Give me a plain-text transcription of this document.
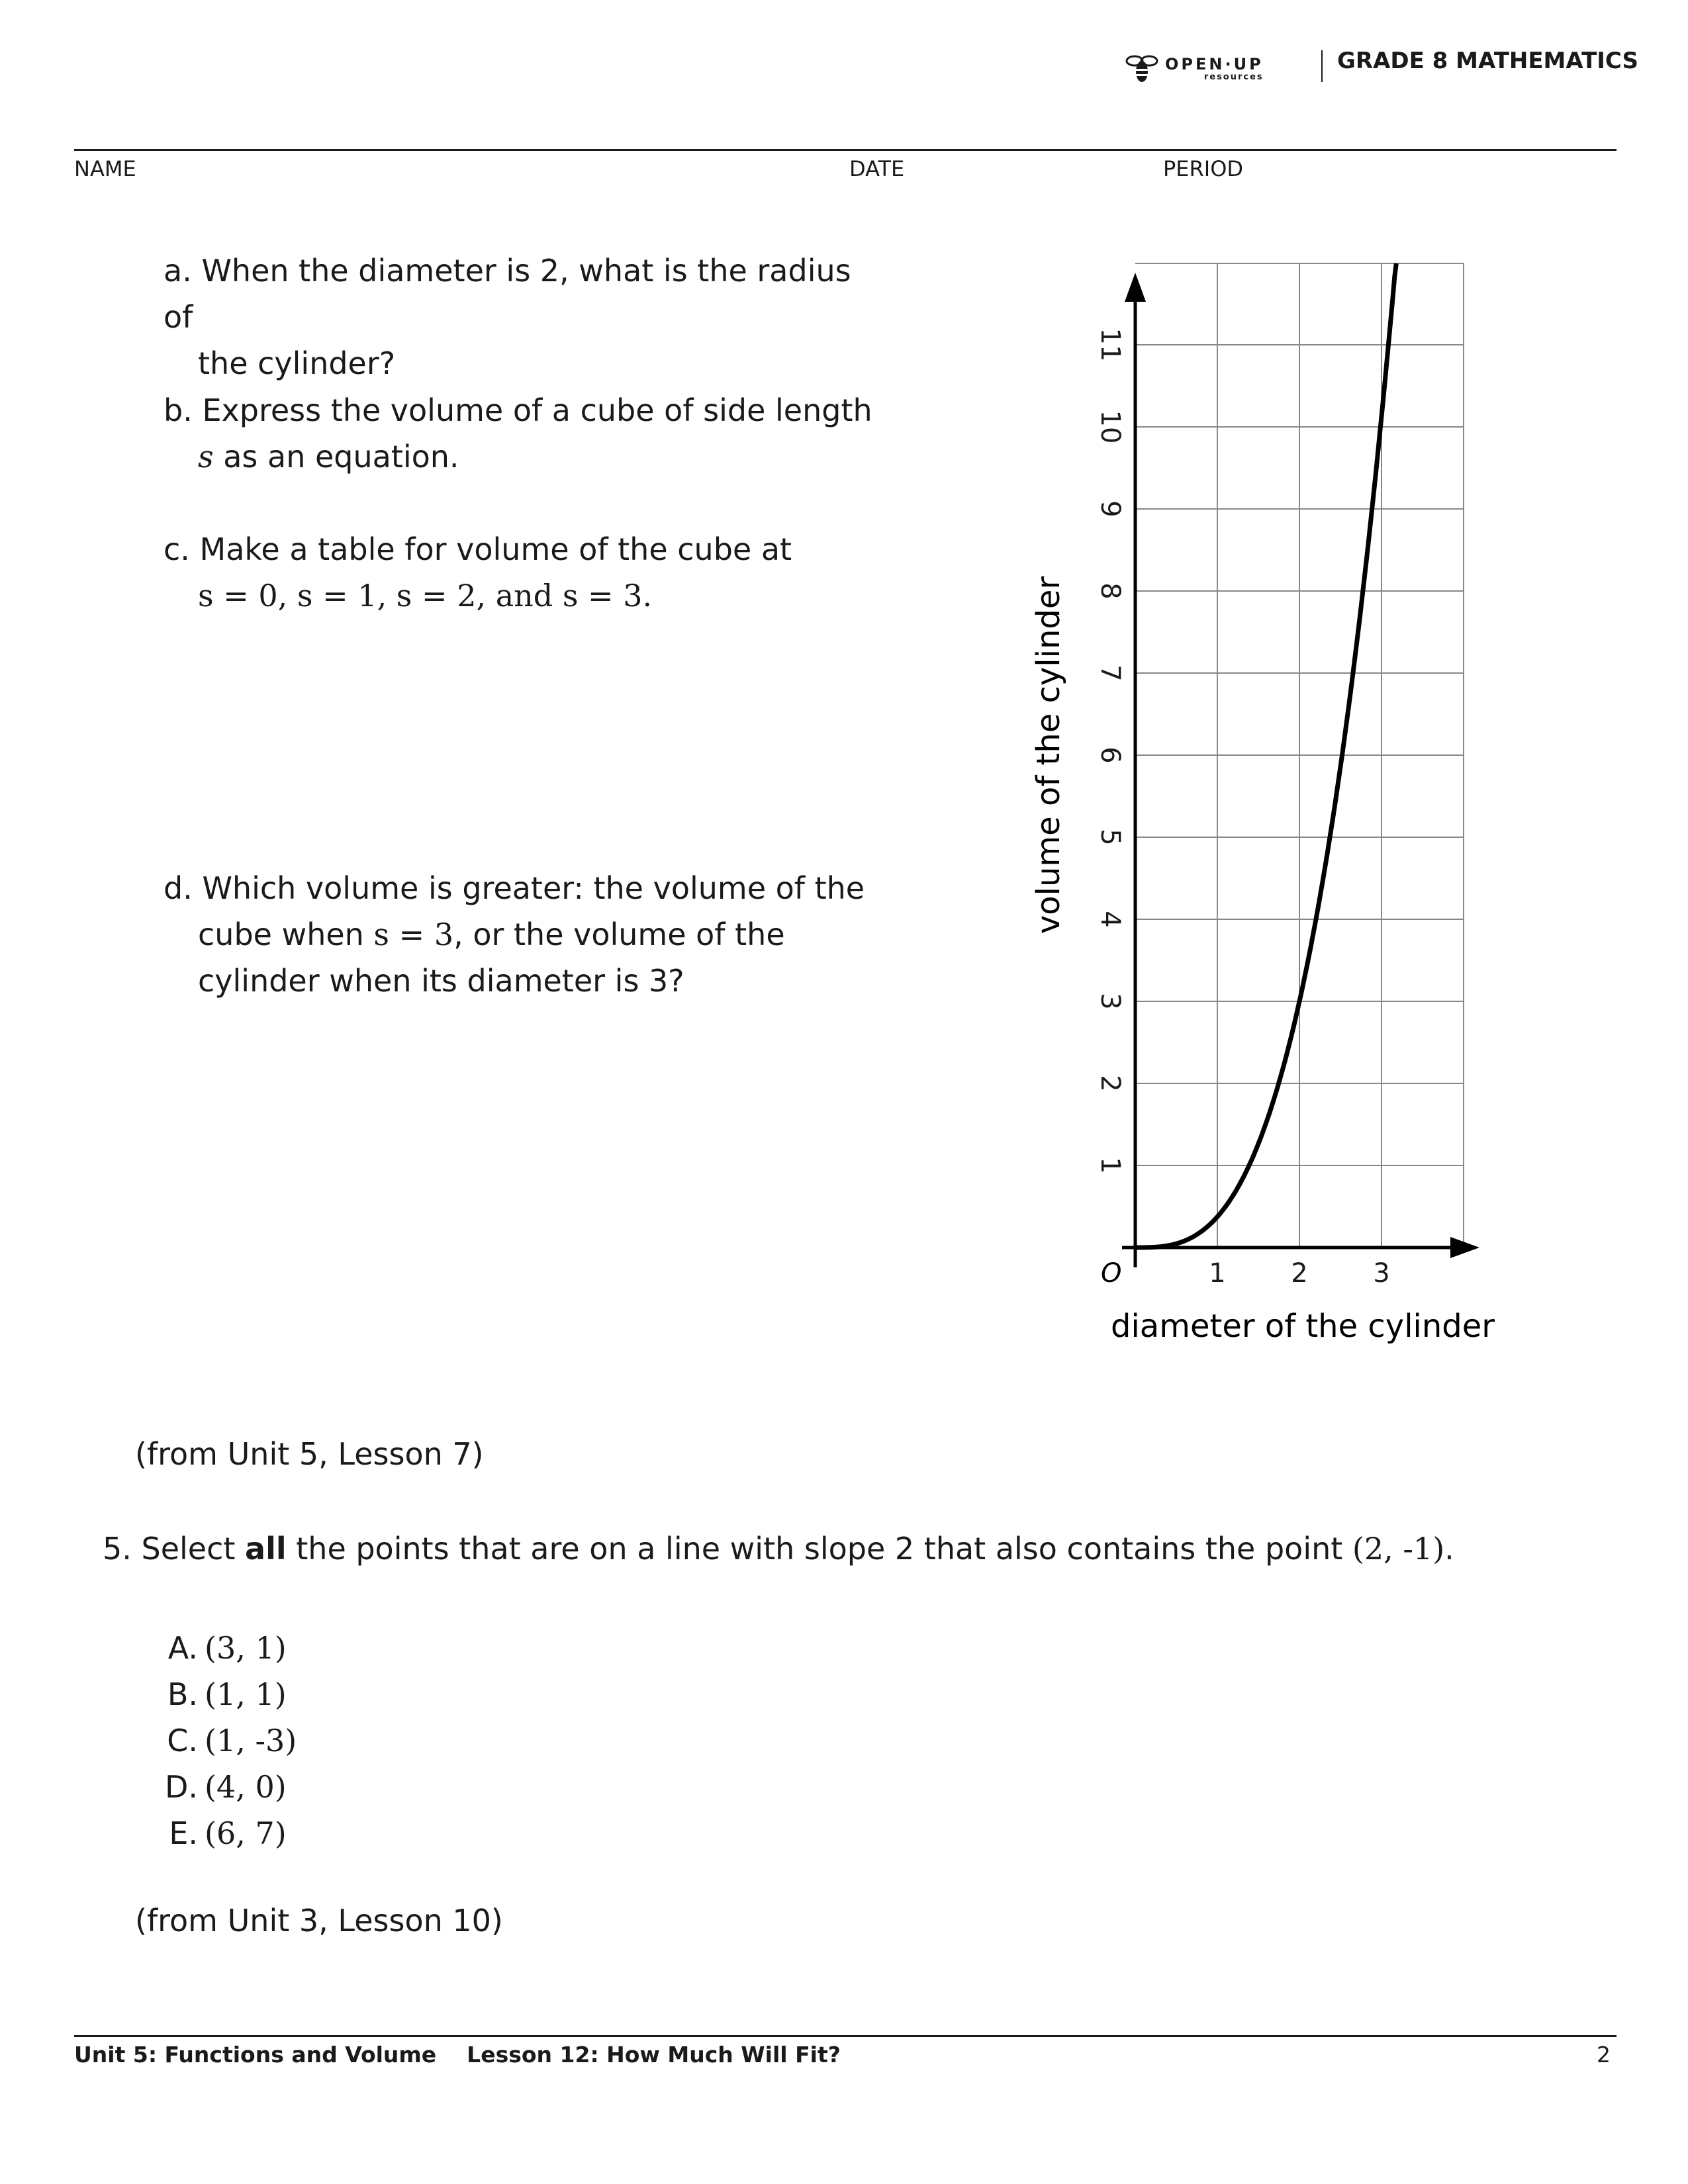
OPEN·UP
resources
GRADE 8 MATHEMATICS
NAME	DATE	PERIOD
a. When the diameter is 2, what is the radius of
the cylinder?
b. Express the volume of a cube of side length
s as an equation.
c. Make a table for volume of the cube at
s = 0, s = 1, s = 2, and s = 3.
d. Which volume is greater: the volume of the
cube when s = 3, or the volume of the
cylinder when its diameter is 3?
1
2
3
4
5
6
7
8
9
10
11
1 2 3
O
diameter of the cylinder
volume of the cylinder
(from Unit 5, Lesson 7)
5. Select all the points that are on a line with slope 2 that also contains the point (2, -1).
A. (3, 1)
B. (1, 1)
C. (1, -3)
D. (4, 0)
E. (6, 7)
(from Unit 3, Lesson 10)
Unit 5: Functions and Volume Lesson 12: How Much Will Fit?	2
